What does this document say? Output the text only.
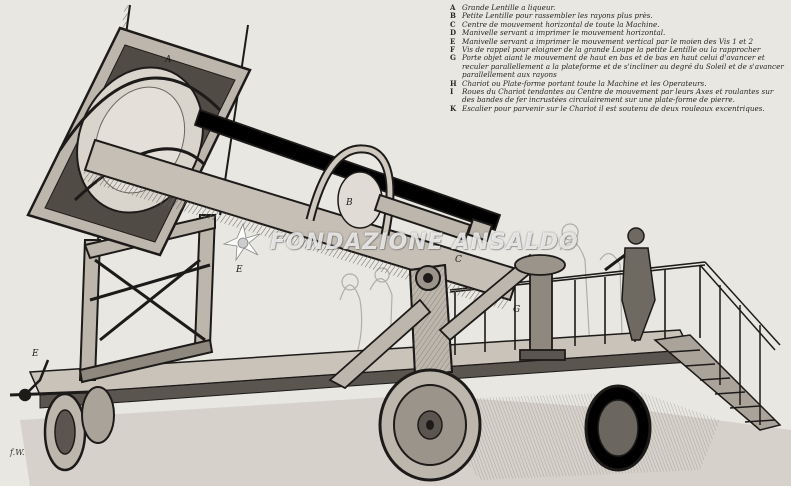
A
B
C
E
E
G
A Grande Lentille a liqueur.
B Petite Lentille pour rassembler les rayons plus près.
C Centre de mouvement horizontal de toute la Machine.
D Manivelle servant a imprimer le mouvement horizontal.
E Manivelle servant a imprimer le mouvement vertical par le moien des Vis 1 et 2
F Vis de rappel pour eloigner de la grande Loupe la petite Lentille ou la rapprocher
G Porte objet aiant le mouvement de haut en bas et de bas en haut celui d'avancer et reculer parallellement a la plateforme et de s'incliner au degré du Soleil et de s'avancer parallellement aux rayons
H Chariot ou Plate-forme portant toute la Machine et les Operateurs.
I	Roues du Chariot tendantes au Centre de mouvement par leurs Axes et roulantes sur des bandes de fer incrustées circulairement sur une plate-forme de pierre.
K Escalier pour parvenir sur le Chariot il est soutenu de deux rouleaux excentriques.
FONDAZIONE ANSALDO
f.W.
